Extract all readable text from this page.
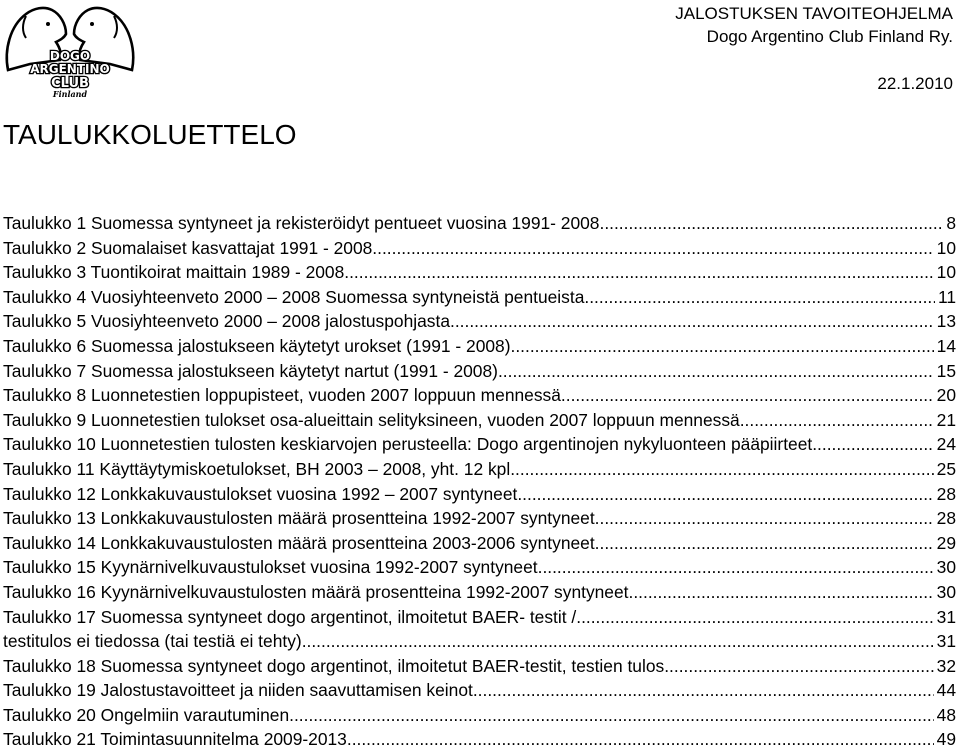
DOGO
ARGENTINO
CLUB
Finland
JALOSTUKSEN TAVOITEOHJELMA
Dogo Argentino Club Finland Ry.
22.1.2010
TAULUKKOLUETTELO
Taulukko 1 Suomessa syntyneet ja rekisteröidyt pentueet vuosina 1991- 2008 .....	8
Taulukko 2 Suomalaiset kasvattajat 1991 - 2008 .....	10
Taulukko 3 Tuontikoirat maittain 1989 - 2008 .....	10
Taulukko 4 Vuosiyhteenveto 2000 – 2008 Suomessa syntyneistä pentueista .....	11
Taulukko 5 Vuosiyhteenveto 2000 – 2008 jalostuspohjasta .....	13
Taulukko 6 Suomessa jalostukseen käytetyt urokset (1991 - 2008) .....	14
Taulukko 7 Suomessa jalostukseen käytetyt nartut (1991 - 2008) .....	15
Taulukko 8 Luonnetestien loppupisteet, vuoden 2007 loppuun mennessä .....	20
Taulukko 9 Luonnetestien tulokset osa-alueittain selityksineen, vuoden 2007 loppuun mennessä .....	21
Taulukko 10 Luonnetestien tulosten keskiarvojen perusteella: Dogo argentinojen nykyluonteen pääpiirteet .....	24
Taulukko 11 Käyttäytymiskoetulokset, BH 2003 – 2008, yht. 12 kpl .....	25
Taulukko 12 Lonkkakuvaustulokset vuosina 1992 – 2007 syntyneet .....	28
Taulukko 13 Lonkkakuvaustulosten määrä prosentteina 1992-2007 syntyneet .....	28
Taulukko 14 Lonkkakuvaustulosten määrä prosentteina 2003-2006 syntyneet .....	29
Taulukko 15 Kyynärnivelkuvaustulokset vuosina 1992-2007 syntyneet .....	30
Taulukko 16 Kyynärnivelkuvaustulosten määrä prosentteina 1992-2007 syntyneet .....	30
Taulukko 17 Suomessa syntyneet dogo argentinot, ilmoitetut BAER- testit / .....	31
testitulos ei tiedossa (tai testiä ei tehty) .....	31
Taulukko 18 Suomessa syntyneet dogo argentinot, ilmoitetut BAER-testit, testien tulos .....	32
Taulukko 19 Jalostustavoitteet ja niiden saavuttamisen keinot .....	44
Taulukko 20 Ongelmiin varautuminen .....	48
Taulukko 21 Toimintasuunnitelma 2009-2013 .....	49
